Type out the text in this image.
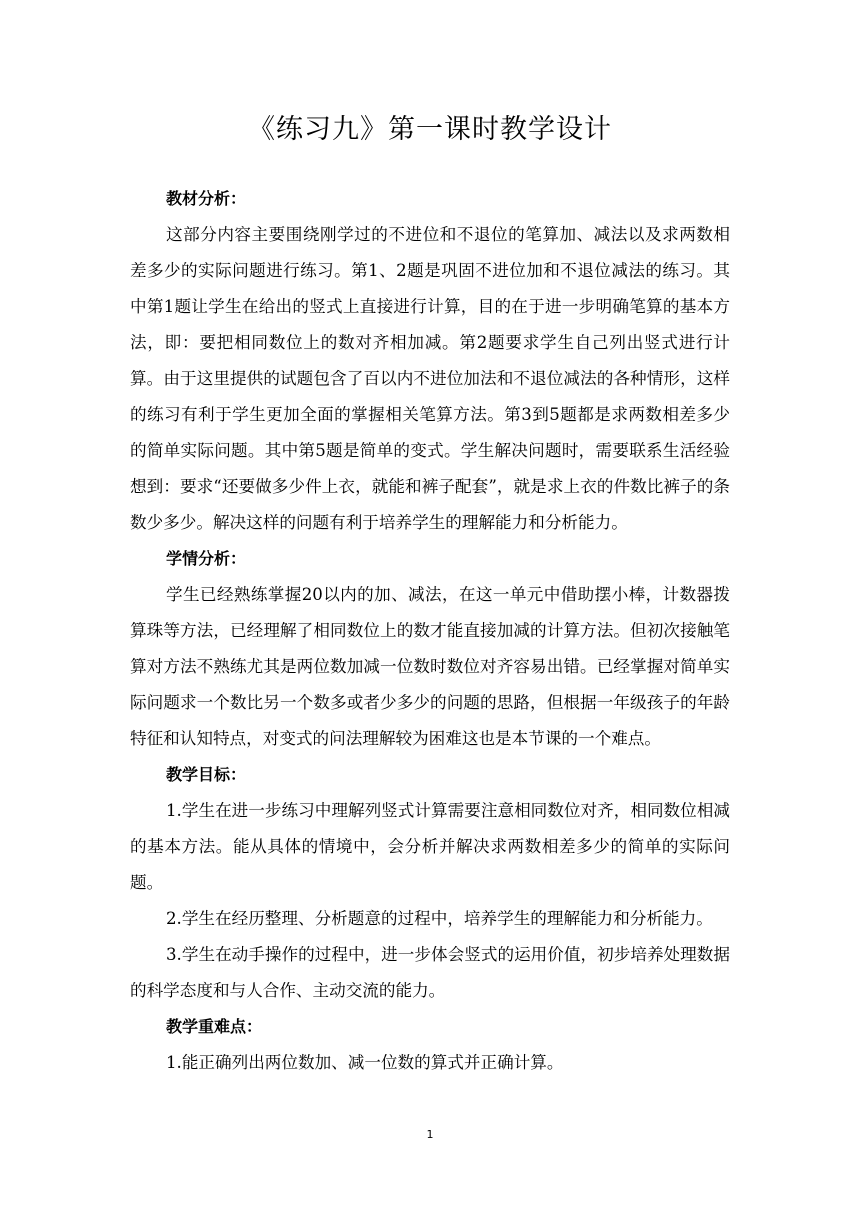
《练习九》第一课时教学设计
教材分析：

这部分内容主要围绕刚学过的不进位和不退位的笔算加、减法以及求两数相差多少的实际问题进行练习。第1、2题是巩固不进位加和不退位减法的练习。其中第1题让学生在给出的竖式上直接进行计算，目的在于进一步明确笔算的基本方法，即：要把相同数位上的数对齐相加减。第2题要求学生自己列出竖式进行计算。由于这里提供的试题包含了百以内不进位加法和不退位减法的各种情形，这样的练习有利于学生更加全面的掌握相关笔算方法。第3到5题都是求两数相差多少的简单实际问题。其中第5题是简单的变式。学生解决问题时，需要联系生活经验想到：要求“还要做多少件上衣，就能和裤子配套”，就是求上衣的件数比裤子的条数少多少。解决这样的问题有利于培养学生的理解能力和分析能力。

学情分析：

学生已经熟练掌握20以内的加、减法，在这一单元中借助摆小棒，计数器拨算珠等方法，已经理解了相同数位上的数才能直接加减的计算方法。但初次接触笔算对方法不熟练尤其是两位数加减一位数时数位对齐容易出错。已经掌握对简单实际问题求一个数比另一个数多或者少多少的问题的思路，但根据一年级孩子的年龄特征和认知特点，对变式的问法理解较为困难这也是本节课的一个难点。

教学目标：

1.学生在进一步练习中理解列竖式计算需要注意相同数位对齐，相同数位相减的基本方法。能从具体的情境中，会分析并解决求两数相差多少的简单的实际问题。

2.学生在经历整理、分析题意的过程中，培养学生的理解能力和分析能力。

3.学生在动手操作的过程中，进一步体会竖式的运用价值，初步培养处理数据的科学态度和与人合作、主动交流的能力。

教学重难点：

1.能正确列出两位数加、减一位数的算式并正确计算。

1
